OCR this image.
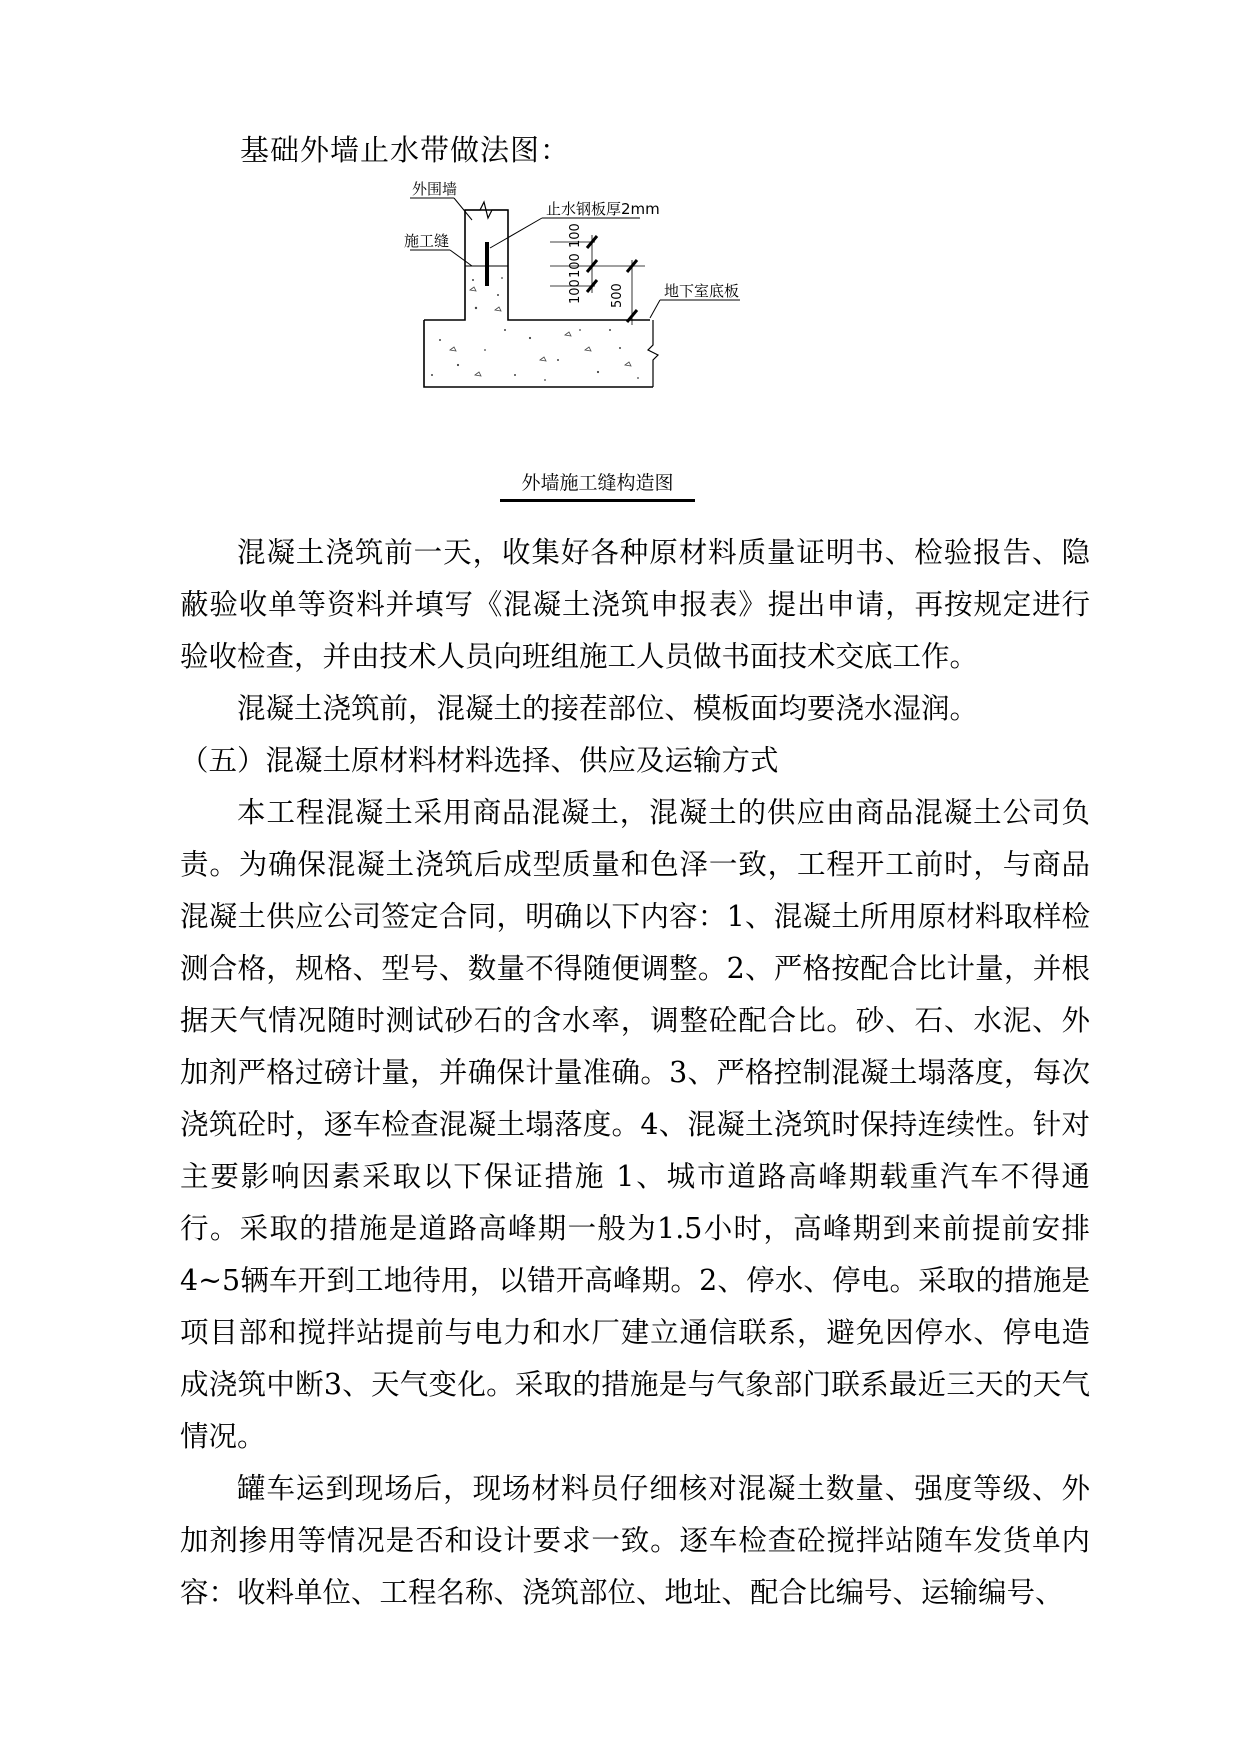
基础外墙止水带做法图：
外围墙
施工缝
止水钢板厚2mm
地下室底板
100
100
100 500
外墙施工缝构造图

混凝土浇筑前一天，收集好各种原材料质量证明书、检验报告、隐蔽验收单等资料并填写《混凝土浇筑申报表》提出申请，再按规定进行验收检查，并由技术人员向班组施工人员做书面技术交底工作。

混凝土浇筑前，混凝土的接茬部位、模板面均要浇水湿润。

（五）混凝土原材料材料选择、供应及运输方式

本工程混凝土采用商品混凝土，混凝土的供应由商品混凝土公司负责。为确保混凝土浇筑后成型质量和色泽一致，工程开工前时，与商品混凝土供应公司签定合同，明确以下内容：1、混凝土所用原材料取样检测合格，规格、型号、数量不得随便调整。2、严格按配合比计量，并根据天气情况随时测试砂石的含水率，调整砼配合比。砂、石、水泥、外加剂严格过磅计量，并确保计量准确。3、严格控制混凝土塌落度，每次浇筑砼时，逐车检查混凝土塌落度。4、混凝土浇筑时保持连续性。针对主要影响因素采取以下保证措施 1、城市道路高峰期载重汽车不得通行。采取的措施是道路高峰期一般为1.5小时，高峰期到来前提前安排4~5辆车开到工地待用，以错开高峰期。2、停水、停电。采取的措施是项目部和搅拌站提前与电力和水厂建立通信联系，避免因停水、停电造成浇筑中断3、天气变化。采取的措施是与气象部门联系最近三天的天气情况。

罐车运到现场后，现场材料员仔细核对混凝土数量、强度等级、外加剂掺用等情况是否和设计要求一致。逐车检查砼搅拌站随车发货单内容：收料单位、工程名称、浇筑部位、地址、配合比编号、运输编号、
